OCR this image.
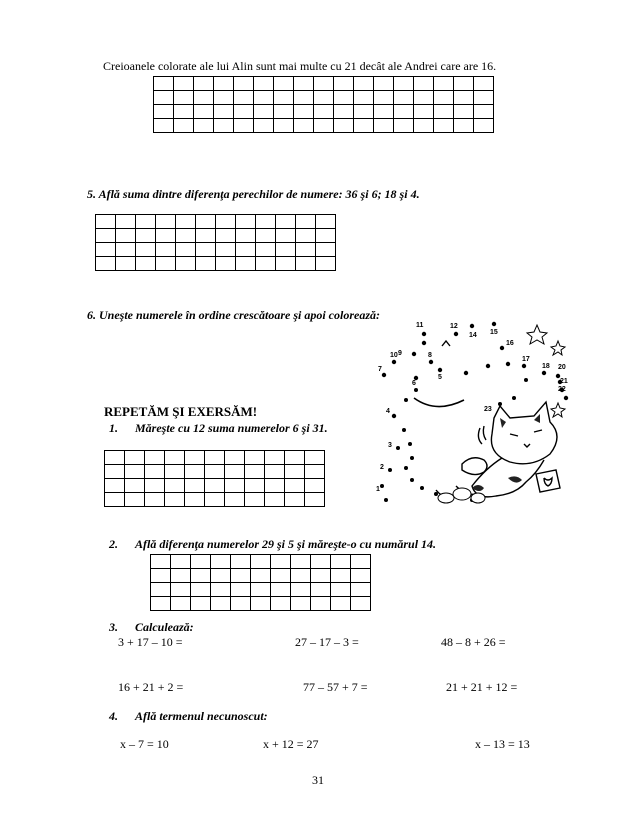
Creioanele colorate ale lui Alin sunt mai multe cu 21 decât ale Andrei care are 16.

5. Află suma dintre diferenţa perechilor de numere: 36 şi 6; 18 şi 4.

6. Uneşte numerele în ordine crescătoare şi apoi colorează:
11	12
14 15
16
9
10	8
17
18
7
6
5
20
21
22
4	23
3
2
1
REPETĂM ŞI EXERSĂM!
1. Măreşte cu 12 suma numerelor 6 şi 31.

2. Află diferenţa numerelor 29 şi 5 şi măreşte-o cu numărul 14.

3. Calculează:
3 + 17 – 10 =	27 – 17 – 3 =	48 – 8 + 26 =
16 + 21 + 2 =	77 – 57 + 7 =	21 + 21 + 12 =
4. Află termenul necunoscut:
x – 7 = 10	x + 12 = 27	x – 13 = 13
31
